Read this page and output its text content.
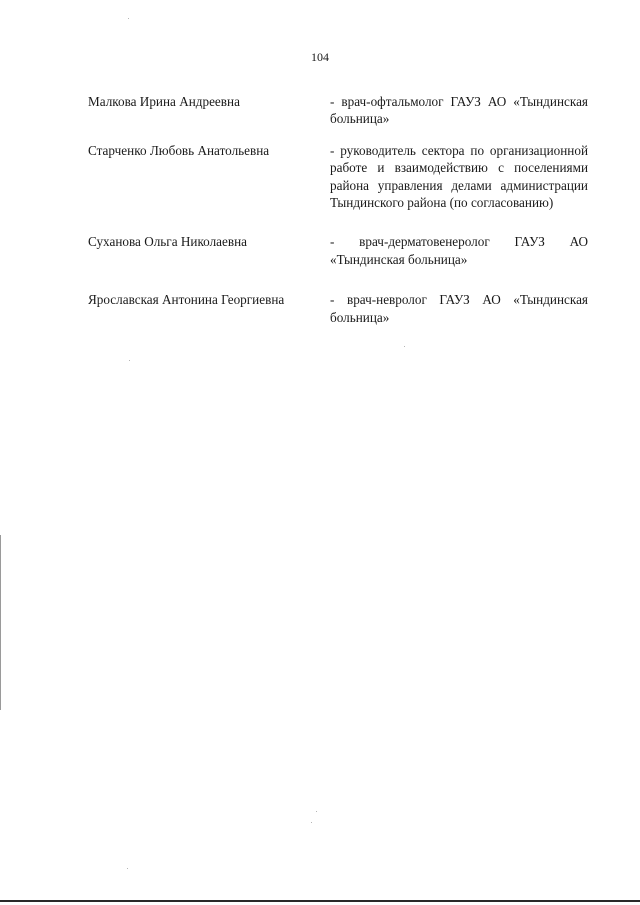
104
Малкова Ирина Андреевна	- врач-офтальмолог ГАУЗ АО «Тындинская больница»
Старченко Любовь Анатольевна	- руководитель сектора по организационной работе и взаимодействию с поселениями района управления делами администрации Тындинского района (по согласованию)
Суханова Ольга Николаевна	- врач-дерматовенеролог ГАУЗ АО «Тындинская больница»
Ярославская Антонина Георгиевна	- врач-невролог ГАУЗ АО «Тындинская больница»
